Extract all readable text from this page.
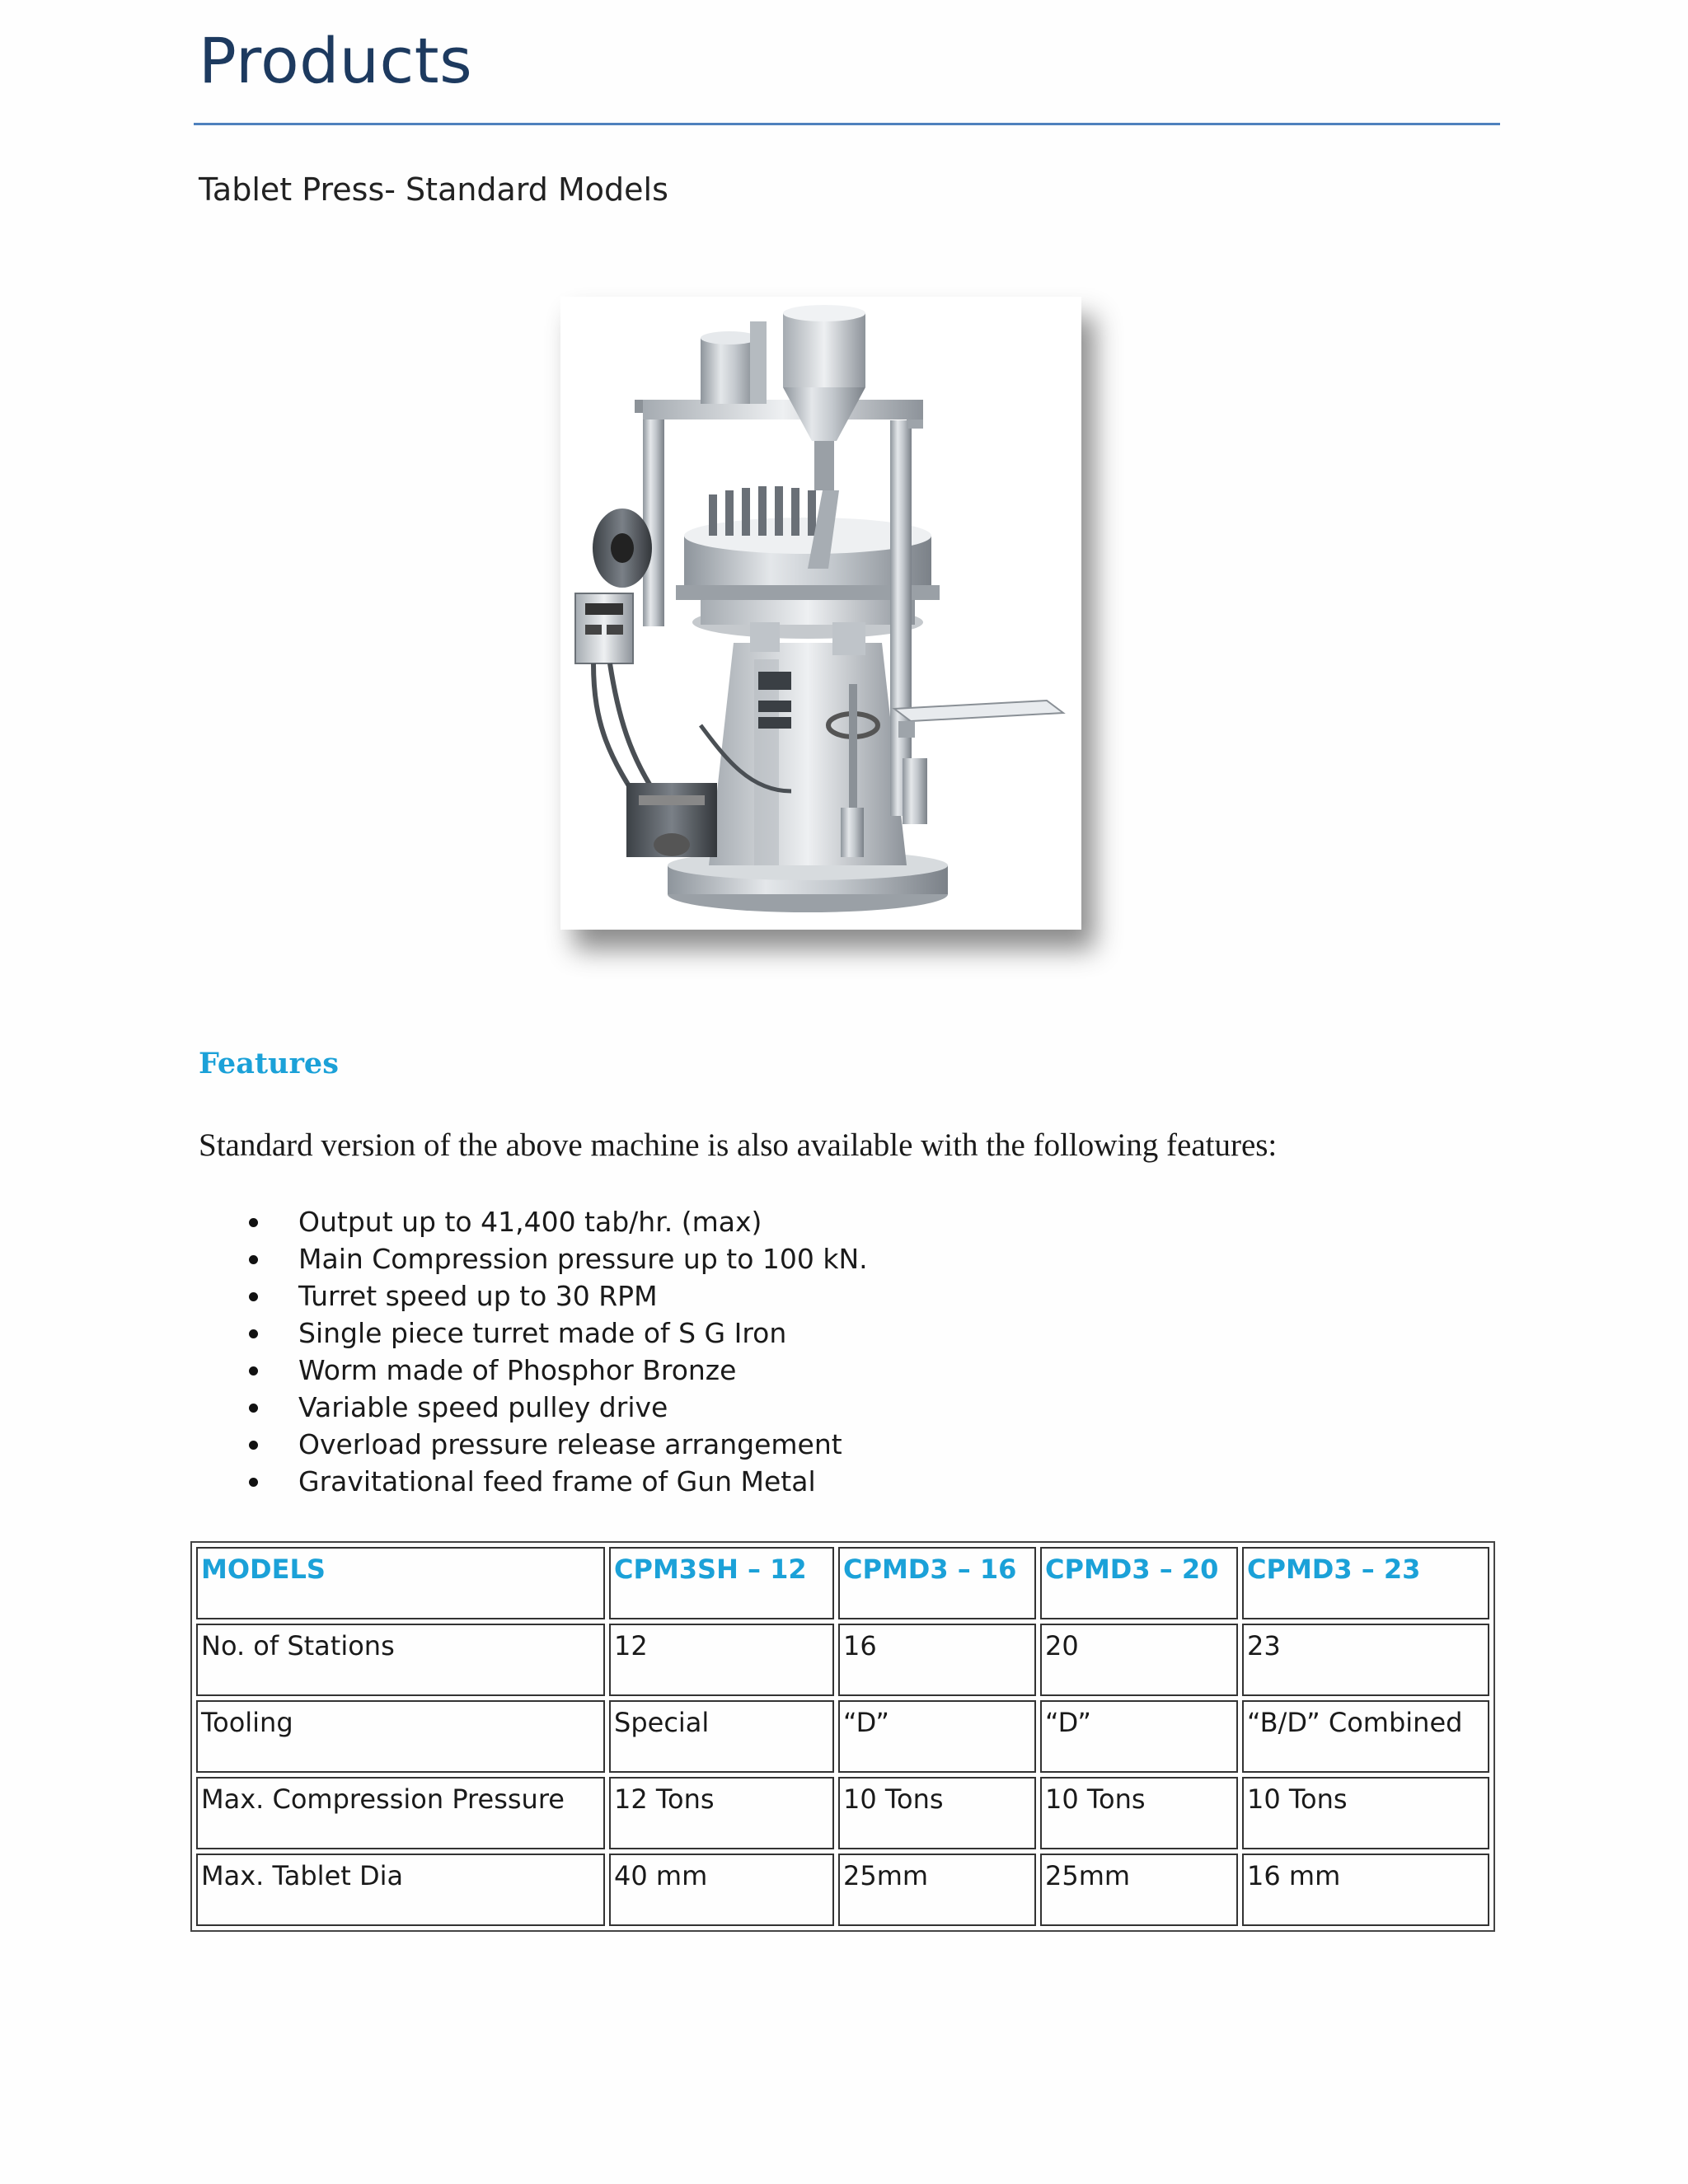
Products
Tablet Press- Standard Models
Features
Standard version of the above machine is also available with the following features:
Output up to 41,400 tab/hr. (max)
Main Compression pressure up to 100 kN.
Turret speed up to 30 RPM
Single piece turret made of S G Iron
Worm made of Phosphor Bronze
Variable speed pulley drive
Overload pressure release arrangement
Gravitational feed frame of Gun Metal
MODELS	CPM3SH – 12	CPMD3 – 16	CPMD3 – 20	CPMD3 – 23
No. of Stations	12	16	20	23
Tooling	Special	“D”	“D”	“B/D” Combined
Max. Compression Pressure	12 Tons	10 Tons	10 Tons	10 Tons
Max. Tablet Dia	40 mm	25mm	25mm	16 mm
